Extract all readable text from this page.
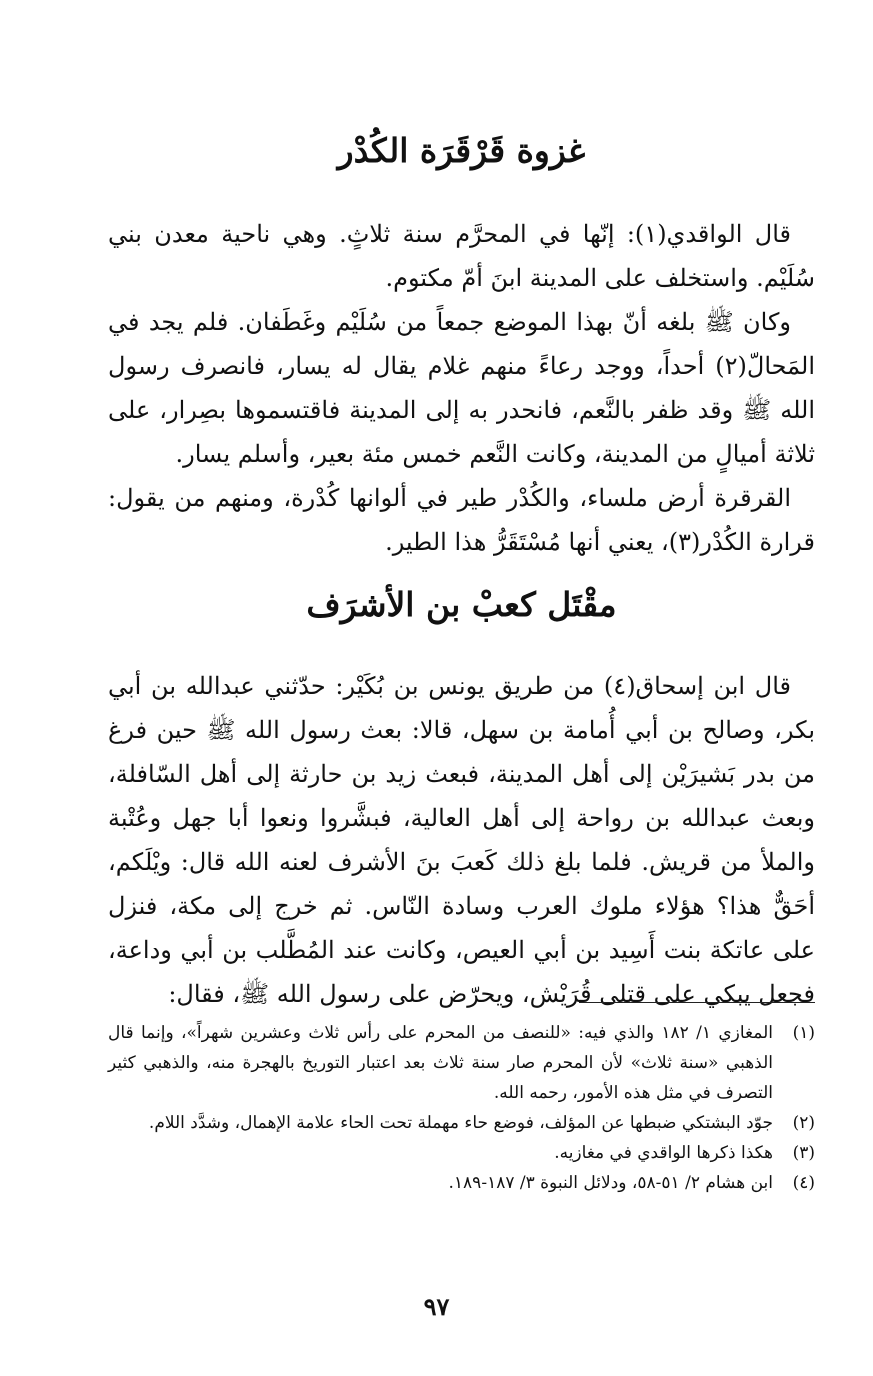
غزوة قَرْقَرَة الكُدْر

قال الواقدي(١): إنّها في المحرَّم سنة ثلاثٍ. وهي ناحية معدن بني سُلَيْم. واستخلف على المدينة ابنَ أمّ مكتوم.

وكان ﷺ بلغه أنّ بهذا الموضع جمعاً من سُلَيْم وغَطَفان. فلم يجد في المَحالّ(٢) أحداً، ووجد رعاءً منهم غلام يقال له يسار، فانصرف رسول الله ﷺ وقد ظفر بالنَّعم، فانحدر به إلى المدينة فاقتسموها بصِرار، على ثلاثة أميالٍ من المدينة، وكانت النَّعم خمس مئة بعير، وأسلم يسار.

القرقرة أرض ملساء، والكُدْر طير في ألوانها كُدْرة، ومنهم من يقول: قرارة الكُدْر(٣)، يعني أنها مُسْتَقَرُّ هذا الطير.

مقْتَل كعبْ بن الأشرَف

قال ابن إسحاق(٤) من طريق يونس بن بُكَيْر: حدّثني عبدالله بن أبي بكر، وصالح بن أبي أُمامة بن سهل، قالا: بعث رسول الله ﷺ حين فرغ من بدر بَشيرَيْن إلى أهل المدينة، فبعث زيد بن حارثة إلى أهل السّافلة، وبعث عبدالله بن رواحة إلى أهل العالية، فبشَّروا ونعوا أبا جهل وعُتْبة والملأ من قريش. فلما بلغ ذلك كَعبَ بنَ الأشرف لعنه الله قال: ويْلَكم، أحَقٌّ هذا؟ هؤلاء ملوك العرب وسادة النّاس. ثم خرج إلى مكة، فنزل على عاتكة بنت أَسِيد بن أبي العيص، وكانت عند المُطَّلب بن أبي وداعة، فجعل يبكي على قتلى قُرَيْش، ويحرّض على رسول الله ﷺ، فقال:

(١)
المغازي ١/ ١٨٢ والذي فيه: «للنصف من المحرم على رأس ثلاث وعشرين شهراً»، وإنما قال الذهبي «سنة ثلاث» لأن المحرم صار سنة ثلاث بعد اعتبار التوريخ بالهجرة منه، والذهبي كثير التصرف في مثل هذه الأمور، رحمه الله.
(٢)
جوّد البشتكي ضبطها عن المؤلف، فوضع حاء مهملة تحت الحاء علامة الإهمال، وشدَّد اللام.
(٣)
هكذا ذكرها الواقدي في مغازيه.
(٤)
ابن هشام ٢/ ٥١-٥٨، ودلائل النبوة ٣/ ١٨٧-١٨٩.
٩٧
